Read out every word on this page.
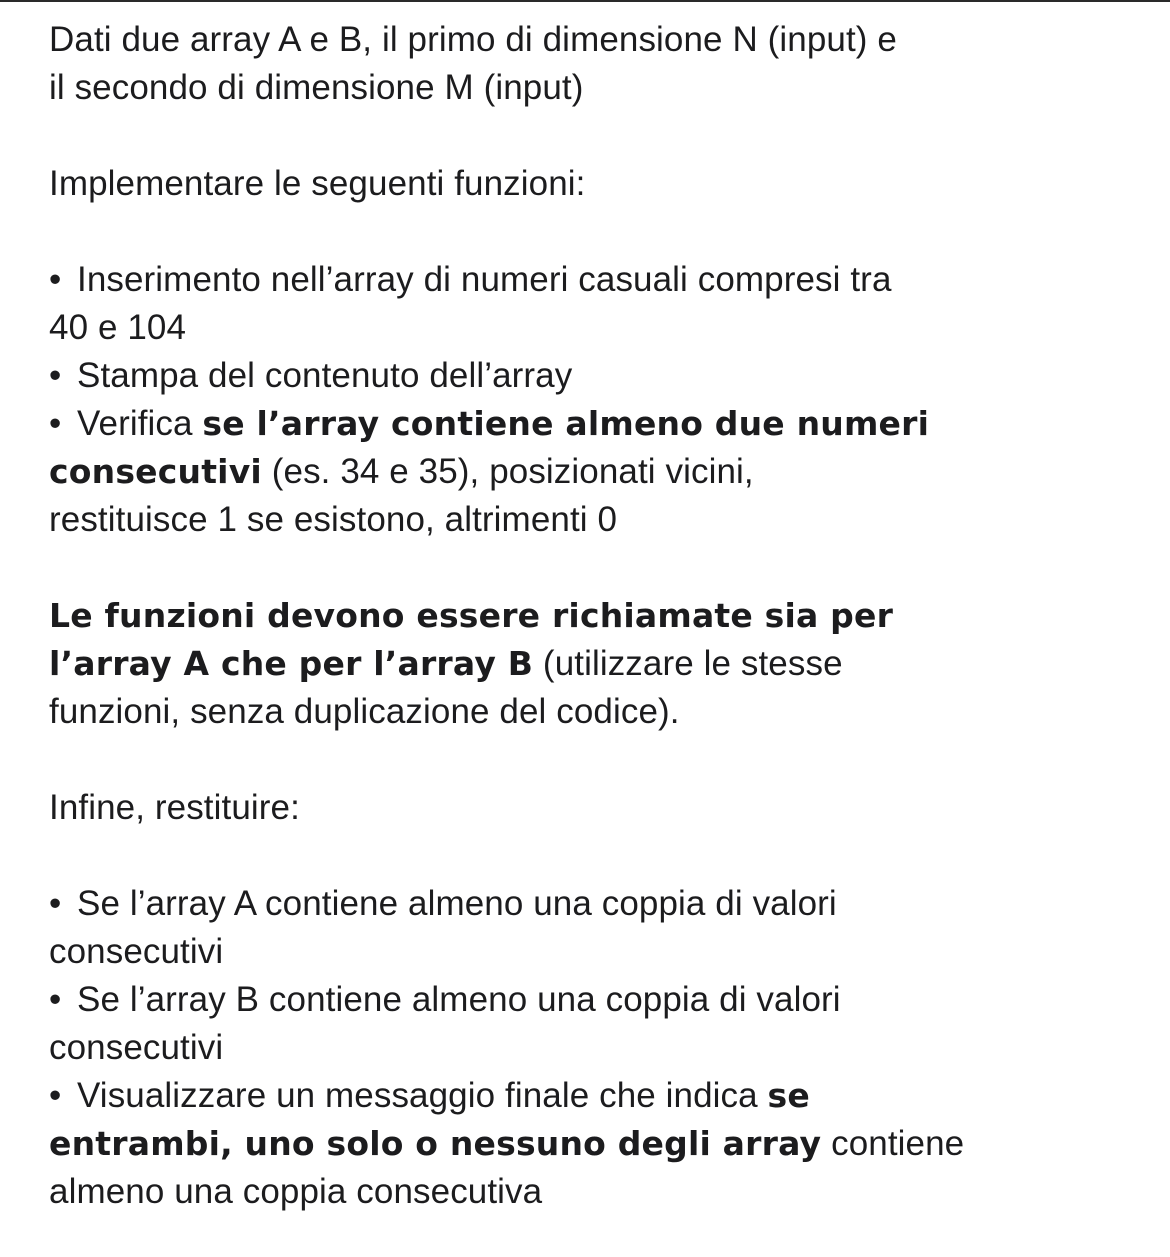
Dati due array A e B, il primo di dimensione N (input) e
il secondo di dimensione M (input)

Implementare le seguenti funzioni:

• Inserimento nell’array di numeri casuali compresi tra
40 e 104
• Stampa del contenuto dell’array
• Verifica se l’array contiene almeno due numeri
consecutivi (es. 34 e 35), posizionati vicini,
restituisce 1 se esistono, altrimenti 0

Le funzioni devono essere richiamate sia per
l’array A che per l’array B (utilizzare le stesse
funzioni, senza duplicazione del codice).

Infine, restituire:

• Se l’array A contiene almeno una coppia di valori
consecutivi
• Se l’array B contiene almeno una coppia di valori
consecutivi
• Visualizzare un messaggio finale che indica se
entrambi, uno solo o nessuno degli array contiene
almeno una coppia consecutiva
